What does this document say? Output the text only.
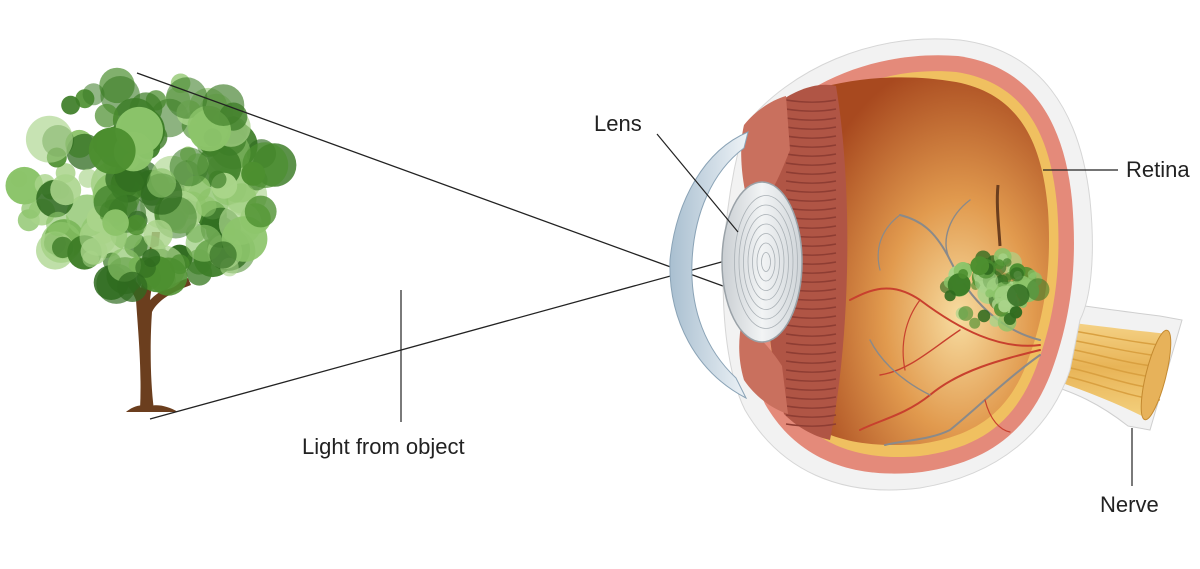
Lens
Retina
Nerve
Light from object
